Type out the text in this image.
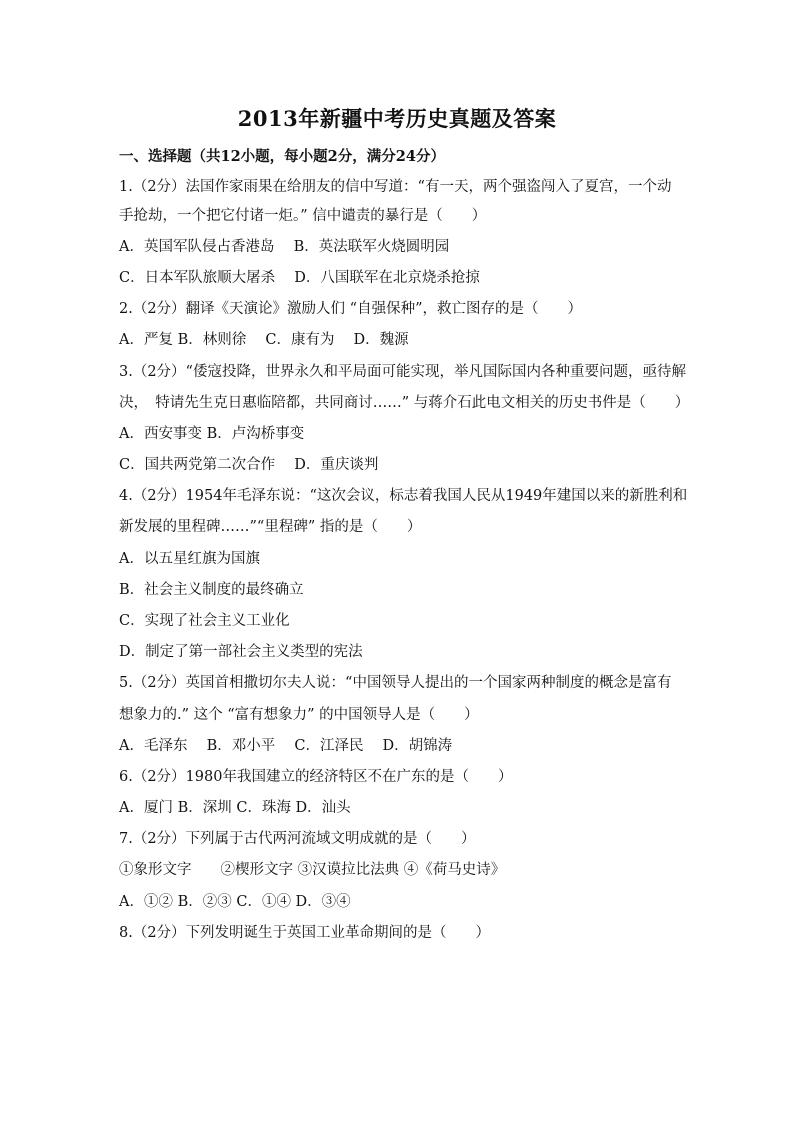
2013年新疆中考历史真题及答案
一、选择题（共12小题，每小题2分，满分24分）
1.（2分）法国作家雨果在给朋友的信中写道：“有一天，两个强盗闯入了夏宫，一个动
手抢劫，一个把它付诸一炬。” 信中谴责的暴行是（　　）
A．英国军队侵占香港岛　 B．英法联军火烧圆明园
C．日本军队旅顺大屠杀　 D．八国联军在北京烧杀抢掠
2.（2分）翻译《天演论》激励人们 “自强保种”，救亡图存的是（　　）
A．严复 B．林则徐　 C．康有为　 D．魏源
3.（2分）“倭寇投降，世界永久和平局面可能实现，举凡国际国内各种重要问题，亟待解
决，　特请先生克日惠临陪都，共同商讨……” 与蒋介石此电文相关的历史书件是（　　）
A．西安事变 B．卢沟桥事变
C．国共两党第二次合作　 D．重庆谈判
4.（2分）1954年毛泽东说：“这次会议，标志着我国人民从1949年建国以来的新胜利和
新发展的里程碑……”“里程碑” 指的是（　　）
A．以五星红旗为国旗
B．社会主义制度的最终确立
C．实现了社会主义工业化
D．制定了第一部社会主义类型的宪法
5.（2分）英国首相撒切尔夫人说：“中国领导人提出的一个国家两种制度的概念是富有
想象力的.” 这个 “富有想象力” 的中国领导人是（　　）
A．毛泽东　 B．邓小平　 C．江泽民　 D．胡锦涛
6.（2分）1980年我国建立的经济特区不在广东的是（　　）
A．厦门 B．深圳 C．珠海 D．汕头
7.（2分）下列属于古代两河流域文明成就的是（　　）
①象形文字　　②楔形文字 ③汉谟拉比法典 ④《荷马史诗》
A．①② B．②③ C．①④ D．③④
8.（2分）下列发明诞生于英国工业革命期间的是（　　）
